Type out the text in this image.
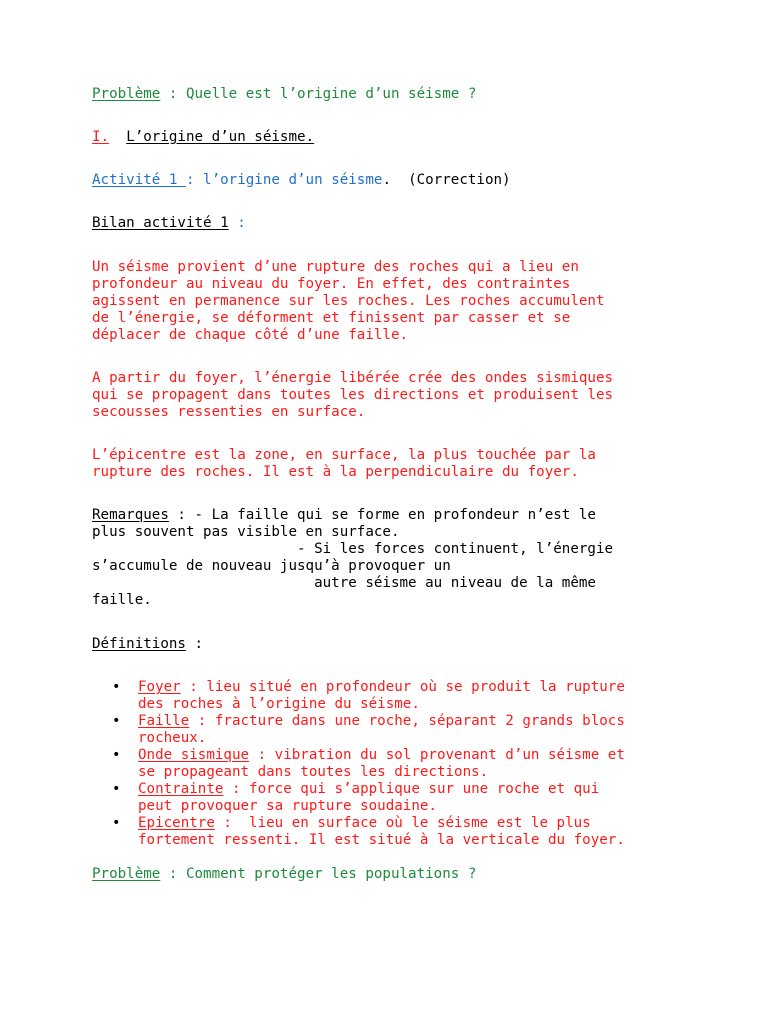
Problème : Quelle est l’origine d’un séisme ?
I. L’origine d’un séisme.
Activité 1 : l’origine d’un séisme.  (Correction)
Bilan activité 1 :
Un séisme provient d’une rupture des roches qui a lieu en
profondeur au niveau du foyer. En effet, des contraintes
agissent en permanence sur les roches. Les roches accumulent
de l’énergie, se déforment et finissent par casser et se
déplacer de chaque côté d’une faille.
A partir du foyer, l’énergie libérée crée des ondes sismiques
qui se propagent dans toutes les directions et produisent les
secousses ressenties en surface.
L’épicentre est la zone, en surface, la plus touchée par la
rupture des roches. Il est à la perpendiculaire du foyer.
Remarques : - La faille qui se forme en profondeur n’est le
plus souvent pas visible en surface.
- Si les forces continuent, l’énergie
s’accumule de nouveau jusqu’à provoquer un
autre séisme au niveau de la même
faille.
Définitions :
• Foyer : lieu situé en profondeur où se produit la rupture
des roches à l’origine du séisme.
• Faille : fracture dans une roche, séparant 2 grands blocs
rocheux.
• Onde sismique : vibration du sol provenant d’un séisme et
se propageant dans toutes les directions.
• Contrainte : force qui s’applique sur une roche et qui
peut provoquer sa rupture soudaine.
• Epicentre :  lieu en surface où le séisme est le plus
fortement ressenti. Il est situé à la verticale du foyer.
Problème : Comment protéger les populations ?
